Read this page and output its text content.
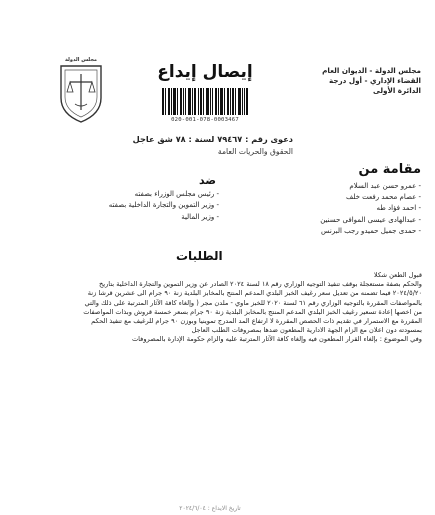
مجلس الدولة
إيصال إيداع
020-001-078-0003467
مجلس الدولة - الديوان العام
القضاء الإداري - أول درجة
الدائرة الأولى
دعوى رقم : ٧٩٤٦٧ لسنة : ٧٨ شق عاجل
الحقوق والحريات العامة
مقامة من
- عمرو حسن عبد السلام
- عصام محمد رفعت خلف
- احمد فؤاد طه
- عبدالهادى عيسى الموافى حسنين
- حمدى جميل حميدو رجب البرنس
ضد
- رئيس مجلس الوزراء بصفته
- وزير التموين والتجارة الداخلية بصفته
- وزير المالية
الطلبات

قبول الطعن شكلا

والحكم بصفة مستعجلة بوقف تنفيذ التوجيه الوزاري رقم ١٨ لسنة ٢٠٢٤ الصادر عن وزير التموين والتجارة الداخلية بتاريخ

٢٠٢٤/٥/٢٠ فيما تضمنه من تعديل سعر رغيف الخبز البلدي المدعم المنتج بالمخابز البلدية زنة ٩٠ جرام الى عشرين قرشا زنة

بالمواصفات المقررة بالتوجيه الوزاري رقم ٦١ لسنة ٢٠٢٠ للخبز ماوي - ملدن مجر ( وإلغاء كافة الآثار المترتبة على ذلك والتي

من اخصها إعادة تسعير رغيف الخبز البلدي المدعم المنتج بالمخابز البلدية زنة ٩٠ جرام بسعر خمسة قروش وبذات المواصفات

المقررة مع الاستمرار في تقديم ذات الحصص المقررة لا ارتفاع المد المدرج تموينيا وبوزن ٩٠ جرام للرغيف مع تنفيذ الحكم

بمسودته دون اعلان مع الزام الجهة الادارية المطعون ضدها بمصروفات الطلب العاجل

وفي الموضوع : بإلغاء القرار المطعون فيه وإلغاء كافة الآثار المترتبة عليه والزام حكومة الإدارة بالمصروفات

تاريخ الايداع : ٢٠٢٤/٦/٠٤
